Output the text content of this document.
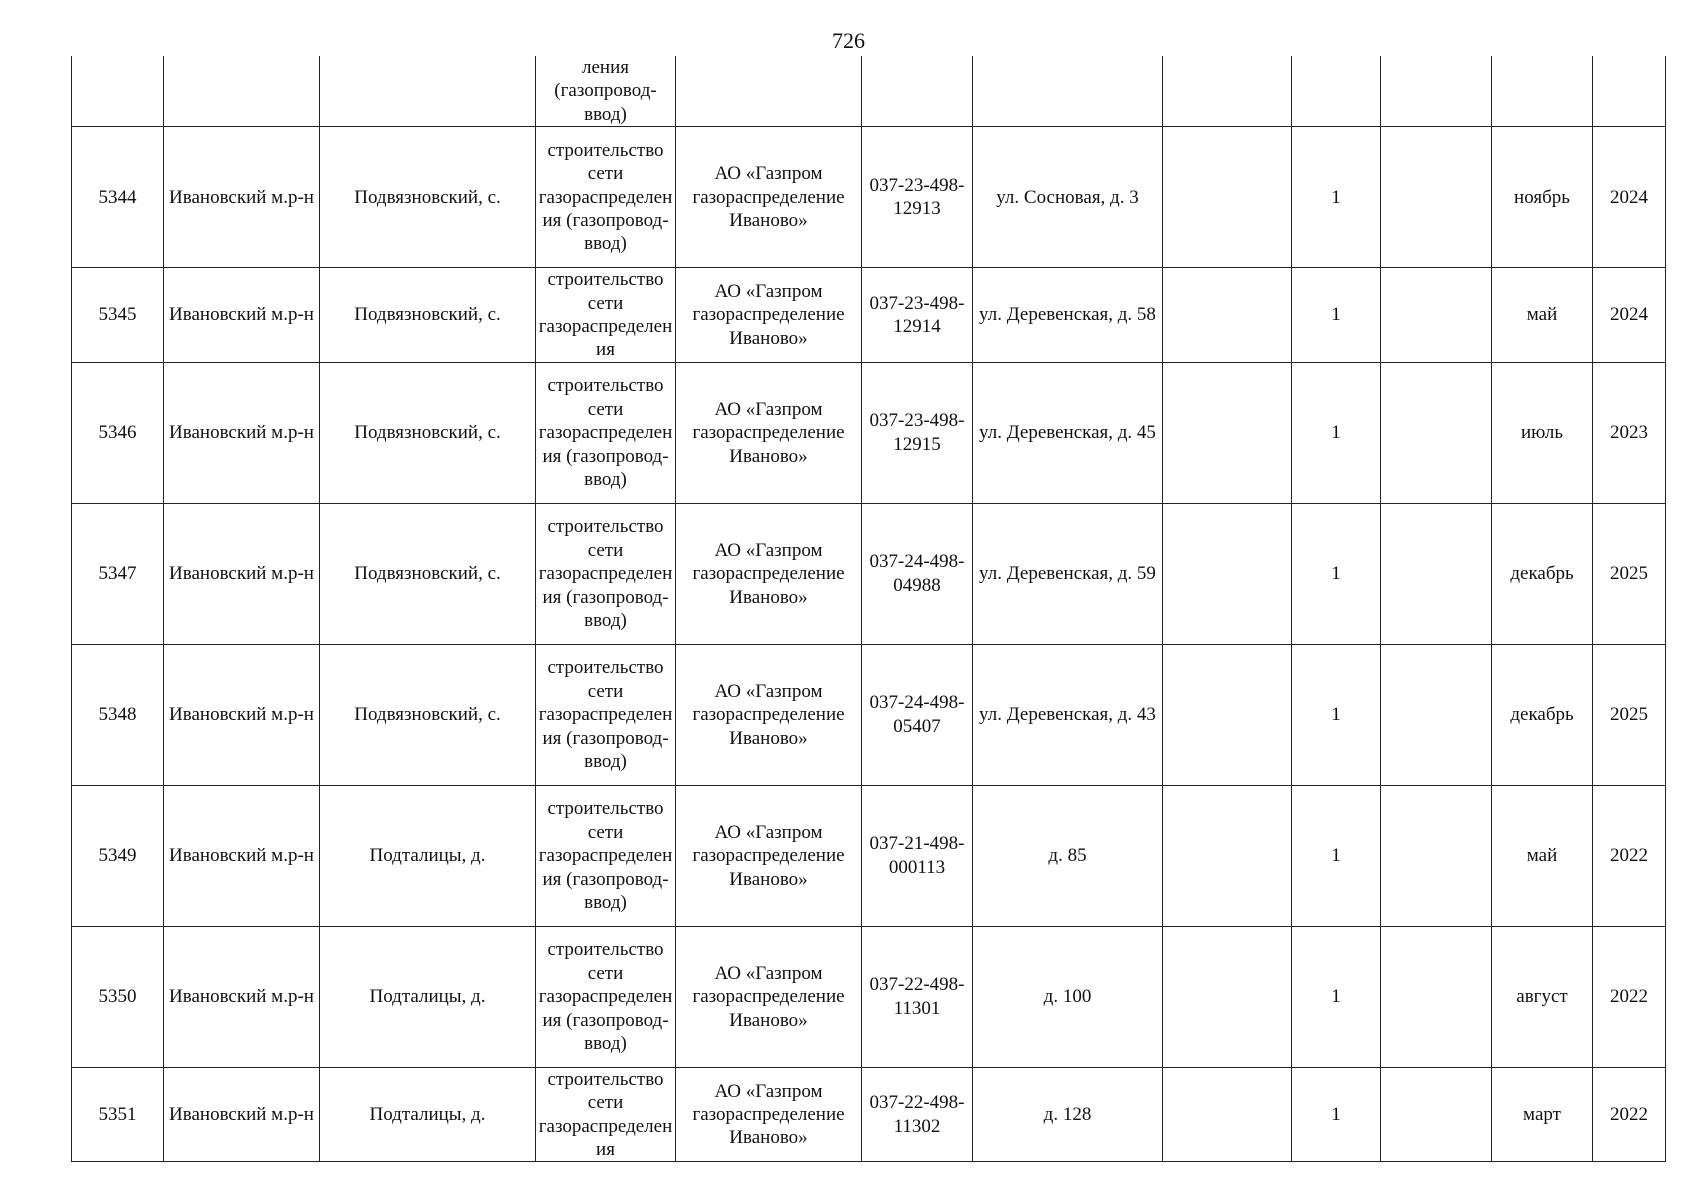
726
			ления (газопровод-ввод)								
5344	Ивановский м.р-н	Подвязновский, с.	строительство сети газораспределения (газопровод-ввод)	АО «Газпром газораспределение Иваново»	037-23-498-12913	ул. Сосновая, д. 3		1		ноябрь	2024
5345	Ивановский м.р-н	Подвязновский, с.	строительство сети газораспределения	АО «Газпром газораспределение Иваново»	037-23-498-12914	ул. Деревенская, д. 58		1		май	2024
5346	Ивановский м.р-н	Подвязновский, с.	строительство сети газораспределения (газопровод-ввод)	АО «Газпром газораспределение Иваново»	037-23-498-12915	ул. Деревенская, д. 45		1		июль	2023
5347	Ивановский м.р-н	Подвязновский, с.	строительство сети газораспределения (газопровод-ввод)	АО «Газпром газораспределение Иваново»	037-24-498-04988	ул. Деревенская, д. 59		1		декабрь	2025
5348	Ивановский м.р-н	Подвязновский, с.	строительство сети газораспределения (газопровод-ввод)	АО «Газпром газораспределение Иваново»	037-24-498-05407	ул. Деревенская, д. 43		1		декабрь	2025
5349	Ивановский м.р-н	Подталицы, д.	строительство сети газораспределения (газопровод-ввод)	АО «Газпром газораспределение Иваново»	037-21-498-000113	д. 85		1		май	2022
5350	Ивановский м.р-н	Подталицы, д.	строительство сети газораспределения (газопровод-ввод)	АО «Газпром газораспределение Иваново»	037-22-498-11301	д. 100		1		август	2022
5351	Ивановский м.р-н	Подталицы, д.	строительство сети газораспределения	АО «Газпром газораспределение Иваново»	037-22-498-11302	д. 128		1		март	2022
